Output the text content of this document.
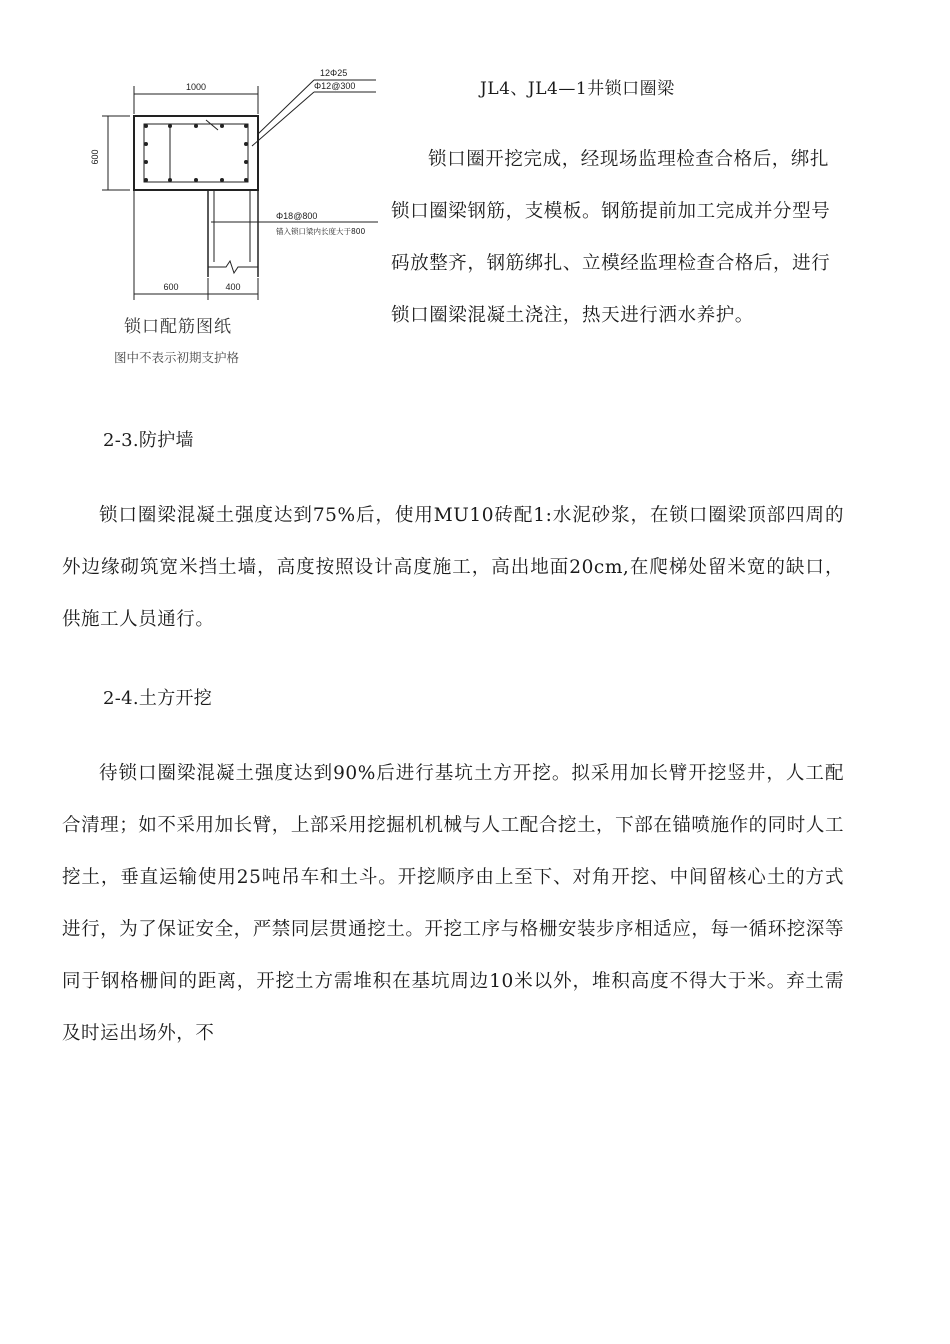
1000
600
600	400
12Φ25
Φ12@300
Φ18@800
锚入锁口梁内长度大于800
锁口配筋图纸
图中不表示初期支护格
JL4、JL4—1井锁口圈梁
锁口圈开挖完成，经现场监理检查合格后，绑扎锁口圈梁钢筋，支模板。钢筋提前加工完成并分型号码放整齐，钢筋绑扎、立模经监理检查合格后，进行锁口圈梁混凝土浇注，热天进行洒水养护。
2-3.防护墙
锁口圈梁混凝土强度达到75%后，使用MU10砖配1:水泥砂浆，在锁口圈梁顶部四周的外边缘砌筑宽米挡土墙，高度按照设计高度施工，高出地面20cm,在爬梯处留米宽的缺口，供施工人员通行。
2-4.土方开挖
待锁口圈梁混凝土强度达到90%后进行基坑土方开挖。拟采用加长臂开挖竖井，人工配合清理；如不采用加长臂，上部采用挖掘机机械与人工配合挖土，下部在锚喷施作的同时人工挖土，垂直运输使用25吨吊车和土斗。开挖顺序由上至下、对角开挖、中间留核心土的方式进行，为了保证安全，严禁同层贯通挖土。开挖工序与格栅安装步序相适应，每一循环挖深等同于钢格栅间的距离，开挖土方需堆积在基坑周边10米以外，堆积高度不得大于米。弃土需及时运出场外，不
